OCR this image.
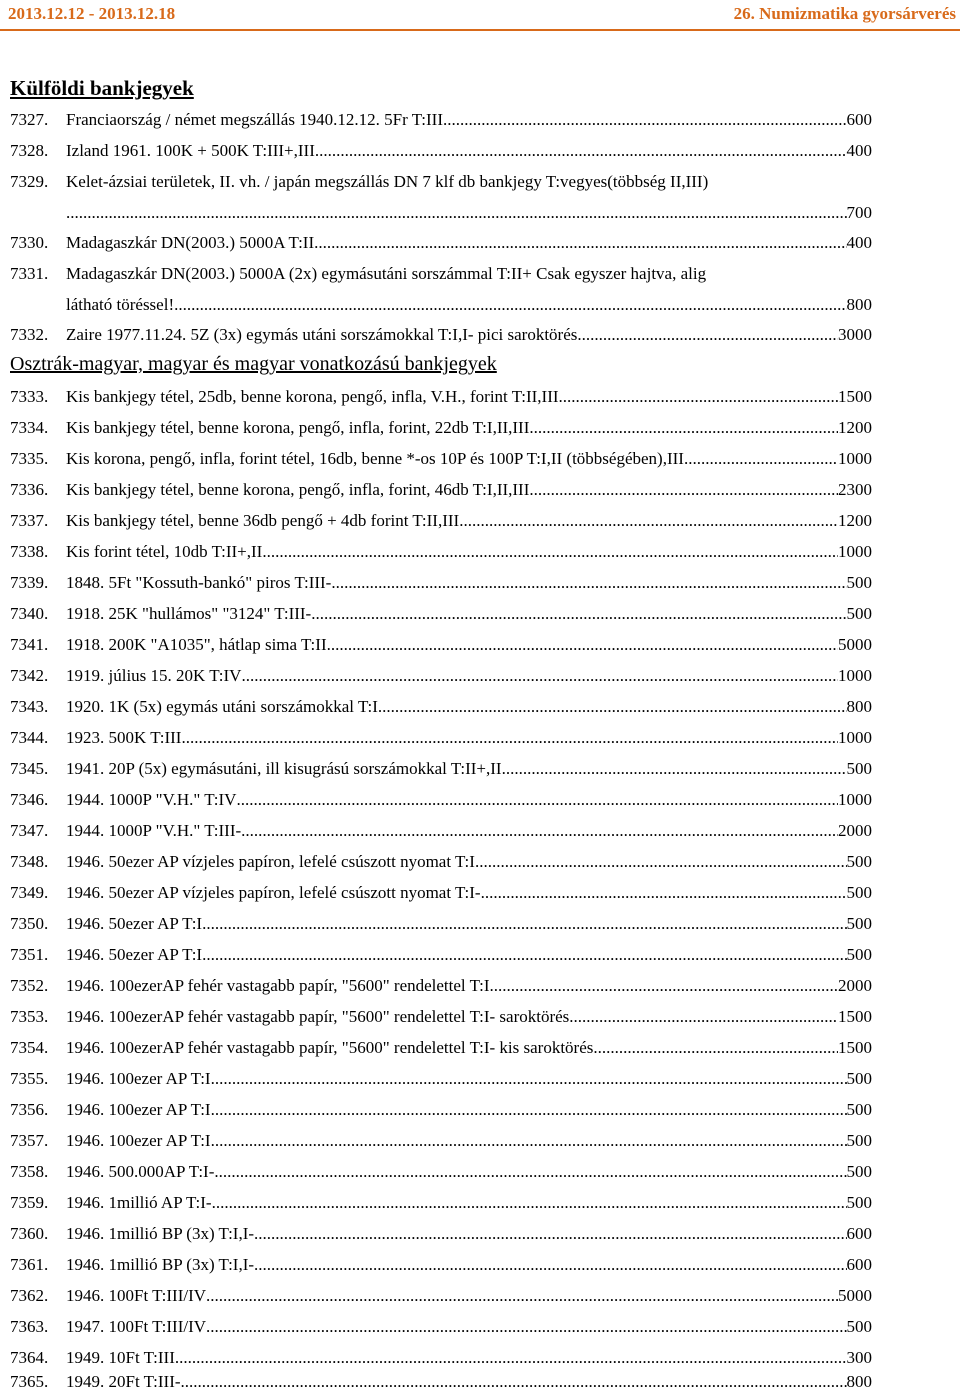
2013.12.12 - 2013.12.18	26. Numizmatika gyorsárverés
Külföldi bankjegyek
7327.	Franciaország / német megszállás 1940.12.12. 5Fr T:III .....	600
7328.	Izland 1961. 100K + 500K T:III+,III .....	400
7329.	Kelet-ázsiai területek, II. vh. / japán megszállás DN 7 klf db bankjegy T:vegyes(többség II,III)
.....
700
7330.	Madagaszkár DN(2003.) 5000A T:II .....	400
7331.	Madagaszkár DN(2003.) 5000A (2x) egymásutáni sorszámmal T:II+ Csak egyszer hajtva, alig
látható töréssel! .....	800
7332.	Zaire 1977.11.24. 5Z (3x) egymás utáni sorszámokkal T:I,I- pici saroktörés .....	3000
Osztrák-magyar, magyar és magyar vonatkozású bankjegyek
7333.	Kis bankjegy tétel, 25db, benne korona, pengő, infla, V.H., forint T:II,III .....	1500
7334.	Kis bankjegy tétel, benne korona, pengő, infla, forint, 22db T:I,II,III .....	1200
7335.	Kis korona, pengő, infla, forint tétel, 16db, benne *-os 10P és 100P T:I,II (többségében),III .....	1000
7336.	Kis bankjegy tétel, benne korona, pengő, infla, forint, 46db T:I,II,III .....	2300
7337.	Kis bankjegy tétel, benne 36db pengő + 4db forint T:II,III .....	1200
7338.	Kis forint tétel, 10db T:II+,II .....	1000
7339.	1848. 5Ft "Kossuth-bankó" piros T:III- .....	500
7340.	1918. 25K "hullámos" "3124" T:III- .....	500
7341.	1918. 200K "A1035", hátlap sima T:II .....	5000
7342.	1919. július 15. 20K T:IV .....	1000
7343.	1920. 1K (5x) egymás utáni sorszámokkal T:I .....	800
7344.	1923. 500K T:III .....	1000
7345.	1941. 20P (5x) egymásutáni, ill kisugrású sorszámokkal T:II+,II .....	500
7346.	1944. 1000P "V.H." T:IV .....	1000
7347.	1944. 1000P "V.H." T:III- .....	2000
7348.	1946. 50ezer AP vízjeles papíron, lefelé csúszott nyomat T:I .....	500
7349.	1946. 50ezer AP vízjeles papíron, lefelé csúszott nyomat T:I- .....	500
7350.	1946. 50ezer AP T:I .....	500
7351.	1946. 50ezer AP T:I .....	500
7352.	1946. 100ezerAP fehér vastagabb papír, "5600" rendelettel T:I .....	2000
7353.	1946. 100ezerAP fehér vastagabb papír, "5600" rendelettel T:I- saroktörés .....	1500
7354.	1946. 100ezerAP fehér vastagabb papír, "5600" rendelettel T:I- kis saroktörés .....	1500
7355.	1946. 100ezer AP T:I .....	500
7356.	1946. 100ezer AP T:I .....	500
7357.	1946. 100ezer AP T:I .....	500
7358.	1946. 500.000AP T:I- .....	500
7359.	1946. 1millió AP T:I- .....	500
7360.	1946. 1millió BP (3x) T:I,I- .....	600
7361.	1946. 1millió BP (3x) T:I,I- .....	600
7362.	1946. 100Ft T:III/IV .....	5000
7363.	1947. 100Ft T:III/IV .....	500
7364.	1949. 10Ft T:III .....	300
7365.	1949. 20Ft T:III- .....	800
